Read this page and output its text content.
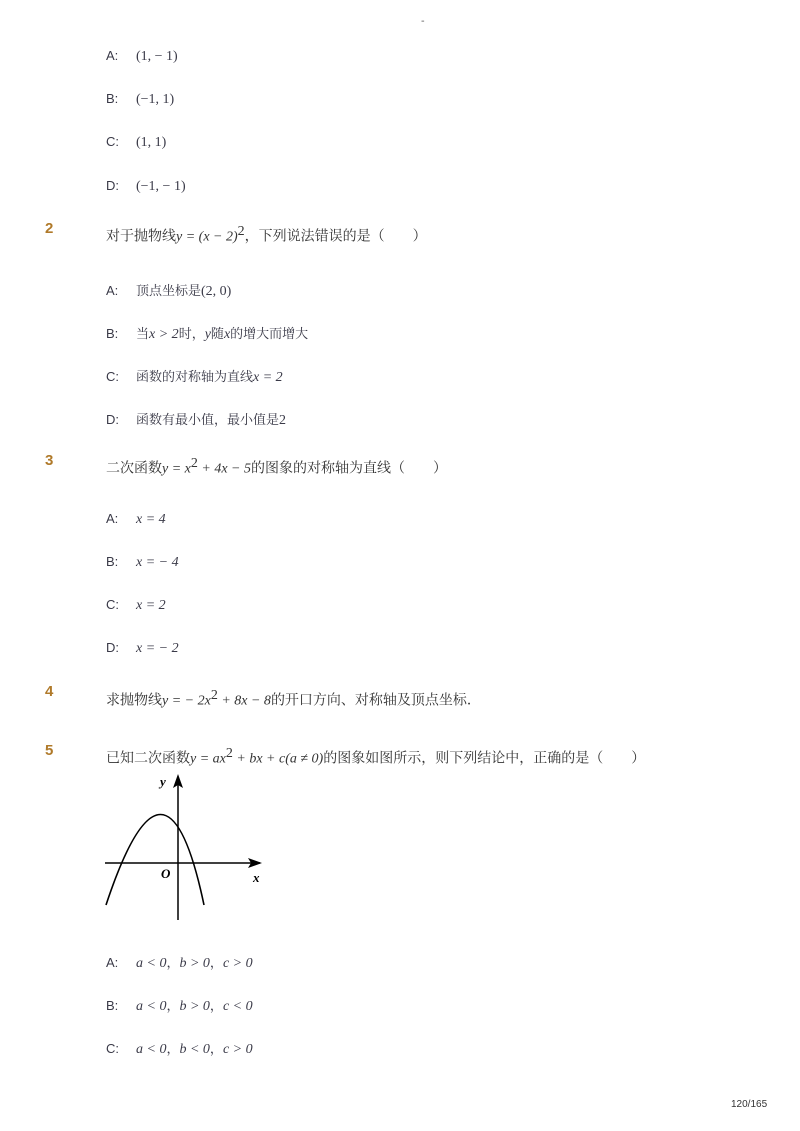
-
A: (1, − 1)
B: (−1, 1)
C: (1, 1)
D: (−1, − 1)
2	对于抛物线$y = (x - 2)^2$，下列说法错误的是（　　）
A: 顶点坐标是(2, 0)
B: 当x > 2时，y随x的增大而增大
C: 函数的对称轴为直线x = 2
D: 函数有最小值，最小值是2
3	二次函数$y = x^2 + 4x - 5$的图象的对称轴为直线（　　）
A: x = 4
B: x = − 4
C: x = 2
D: x = − 2
4
求抛物线y = − $2x^2 + 8x - 8$的开口方向、对称轴及顶点坐标．
5	已知二次函数$y = ax^2$ + bx + c(a ≠ 0)的图象如图所示，则下列结论中，正确的是（　　）
y
x
O
A: a < 0，b > 0，c > 0
B: a < 0，b > 0，c < 0
C: a < 0，b < 0，c > 0
120/165
